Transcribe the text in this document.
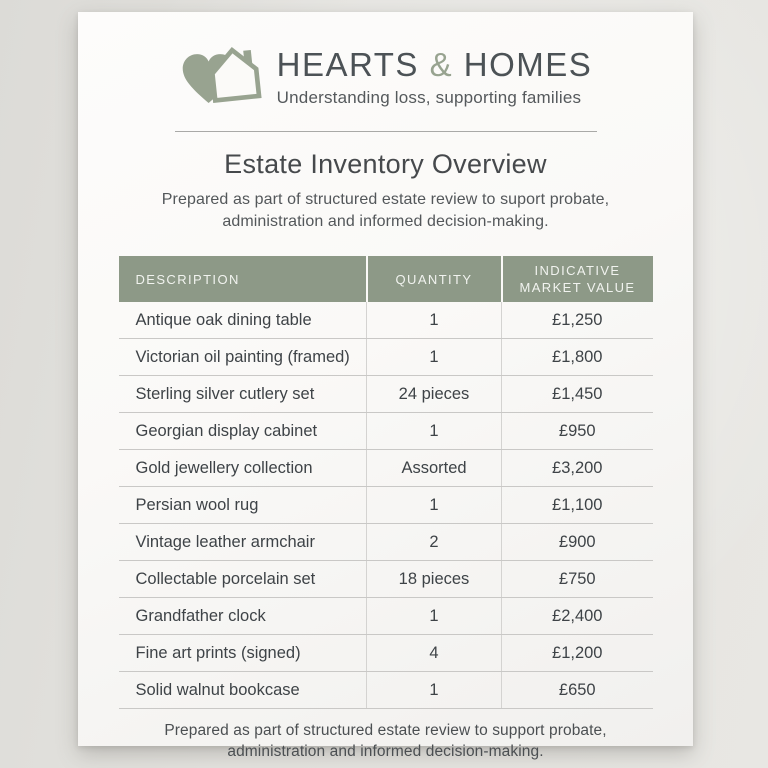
HEARTS & HOMES
Understanding loss, supporting families
Estate Inventory Overview
Prepared as part of structured estate review to suport probate,
administration and informed decision-making.
DESCRIPTION	QUANTITY	INDICATIVE MARKET VALUE
Antique oak dining table	1	£1,250
Victorian oil painting (framed)	1	£1,800
Sterling silver cutlery set	24 pieces	£1,450
Georgian display cabinet	1	£950
Gold jewellery collection	Assorted	£3,200
Persian wool rug	1	£1,100
Vintage leather armchair	2	£900
Collectable porcelain set	18 pieces	£750
Grandfather clock	1	£2,400
Fine art prints (signed)	4	£1,200
Solid walnut bookcase	1	£650
Prepared as part of structured estate review to support probate,
administration and informed decision-making.
